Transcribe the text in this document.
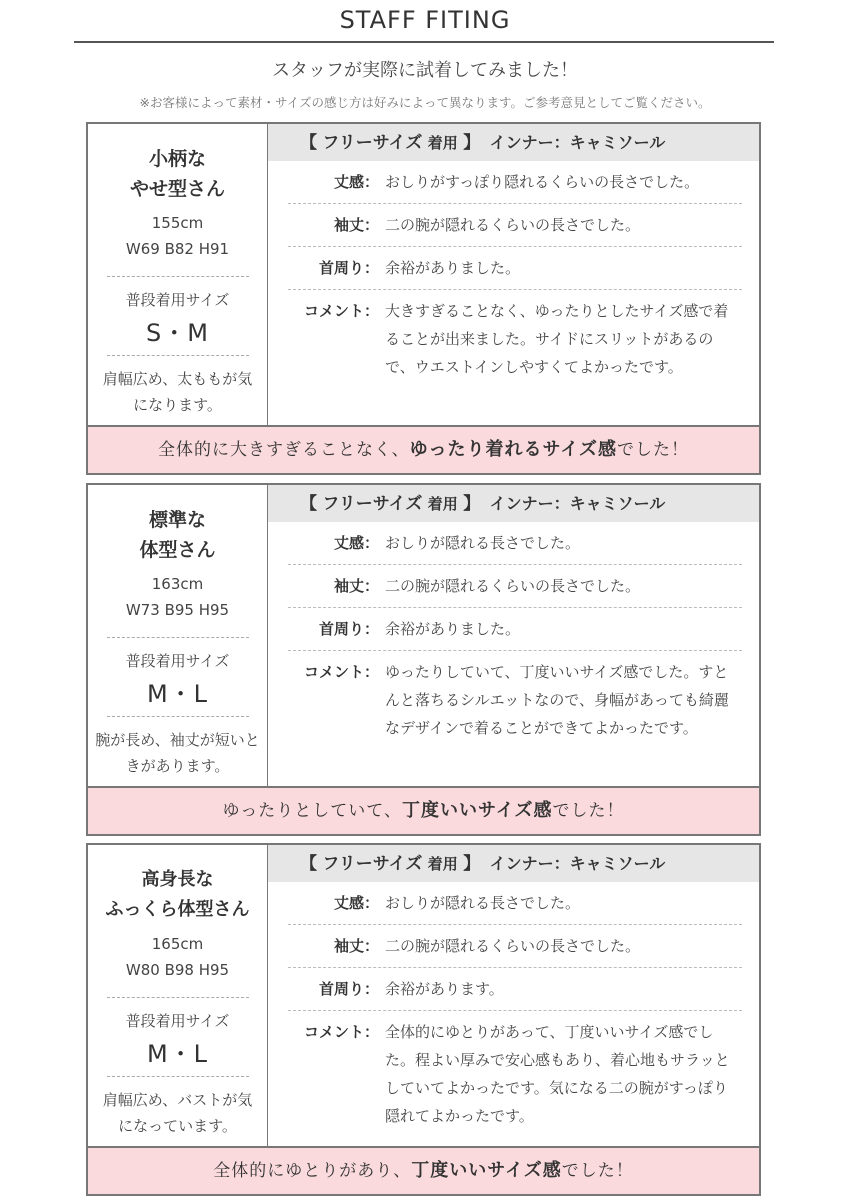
STAFF FITING
スタッフが実際に試着してみました！
※お客様によって素材・サイズの感じ方は好みによって異なります。ご参考意見としてご覧ください。
小柄な
やせ型さん
155cm
W69 B82 H91
普段着用サイズ
S・M
肩幅広め、太ももが気になります。
【 フリーサイズ 着用 】 インナー：キャミソール
丈感： おしりがすっぽり隠れるくらいの長さでした。
袖丈： 二の腕が隠れるくらいの長さでした。
首周り： 余裕がありました。
コメント： 大きすぎることなく、ゆったりとしたサイズ感で着ることが出来ました。サイドにスリットがあるので、ウエストインしやすくてよかったです。
全体的に大きすぎることなく、ゆったり着れるサイズ感でした！
標準な
体型さん
163cm
W73 B95 H95
普段着用サイズ
M・L
腕が長め、袖丈が短いときがあります。
【 フリーサイズ 着用 】 インナー：キャミソール
丈感： おしりが隠れる長さでした。
袖丈： 二の腕が隠れるくらいの長さでした。
首周り： 余裕がありました。
コメント： ゆったりしていて、丁度いいサイズ感でした。すとんと落ちるシルエットなので、身幅があっても綺麗なデザインで着ることができてよかったです。
ゆったりとしていて、丁度いいサイズ感でした！
高身長な
ふっくら体型さん
165cm
W80 B98 H95
普段着用サイズ
M・L
肩幅広め、バストが気になっています。
【 フリーサイズ 着用 】 インナー：キャミソール
丈感： おしりが隠れる長さでした。
袖丈： 二の腕が隠れるくらいの長さでした。
首周り： 余裕があります。
コメント： 全体的にゆとりがあって、丁度いいサイズ感でした。程よい厚みで安心感もあり、着心地もサラッとしていてよかったです。気になる二の腕がすっぽり隠れてよかったです。
全体的にゆとりがあり、丁度いいサイズ感でした！
